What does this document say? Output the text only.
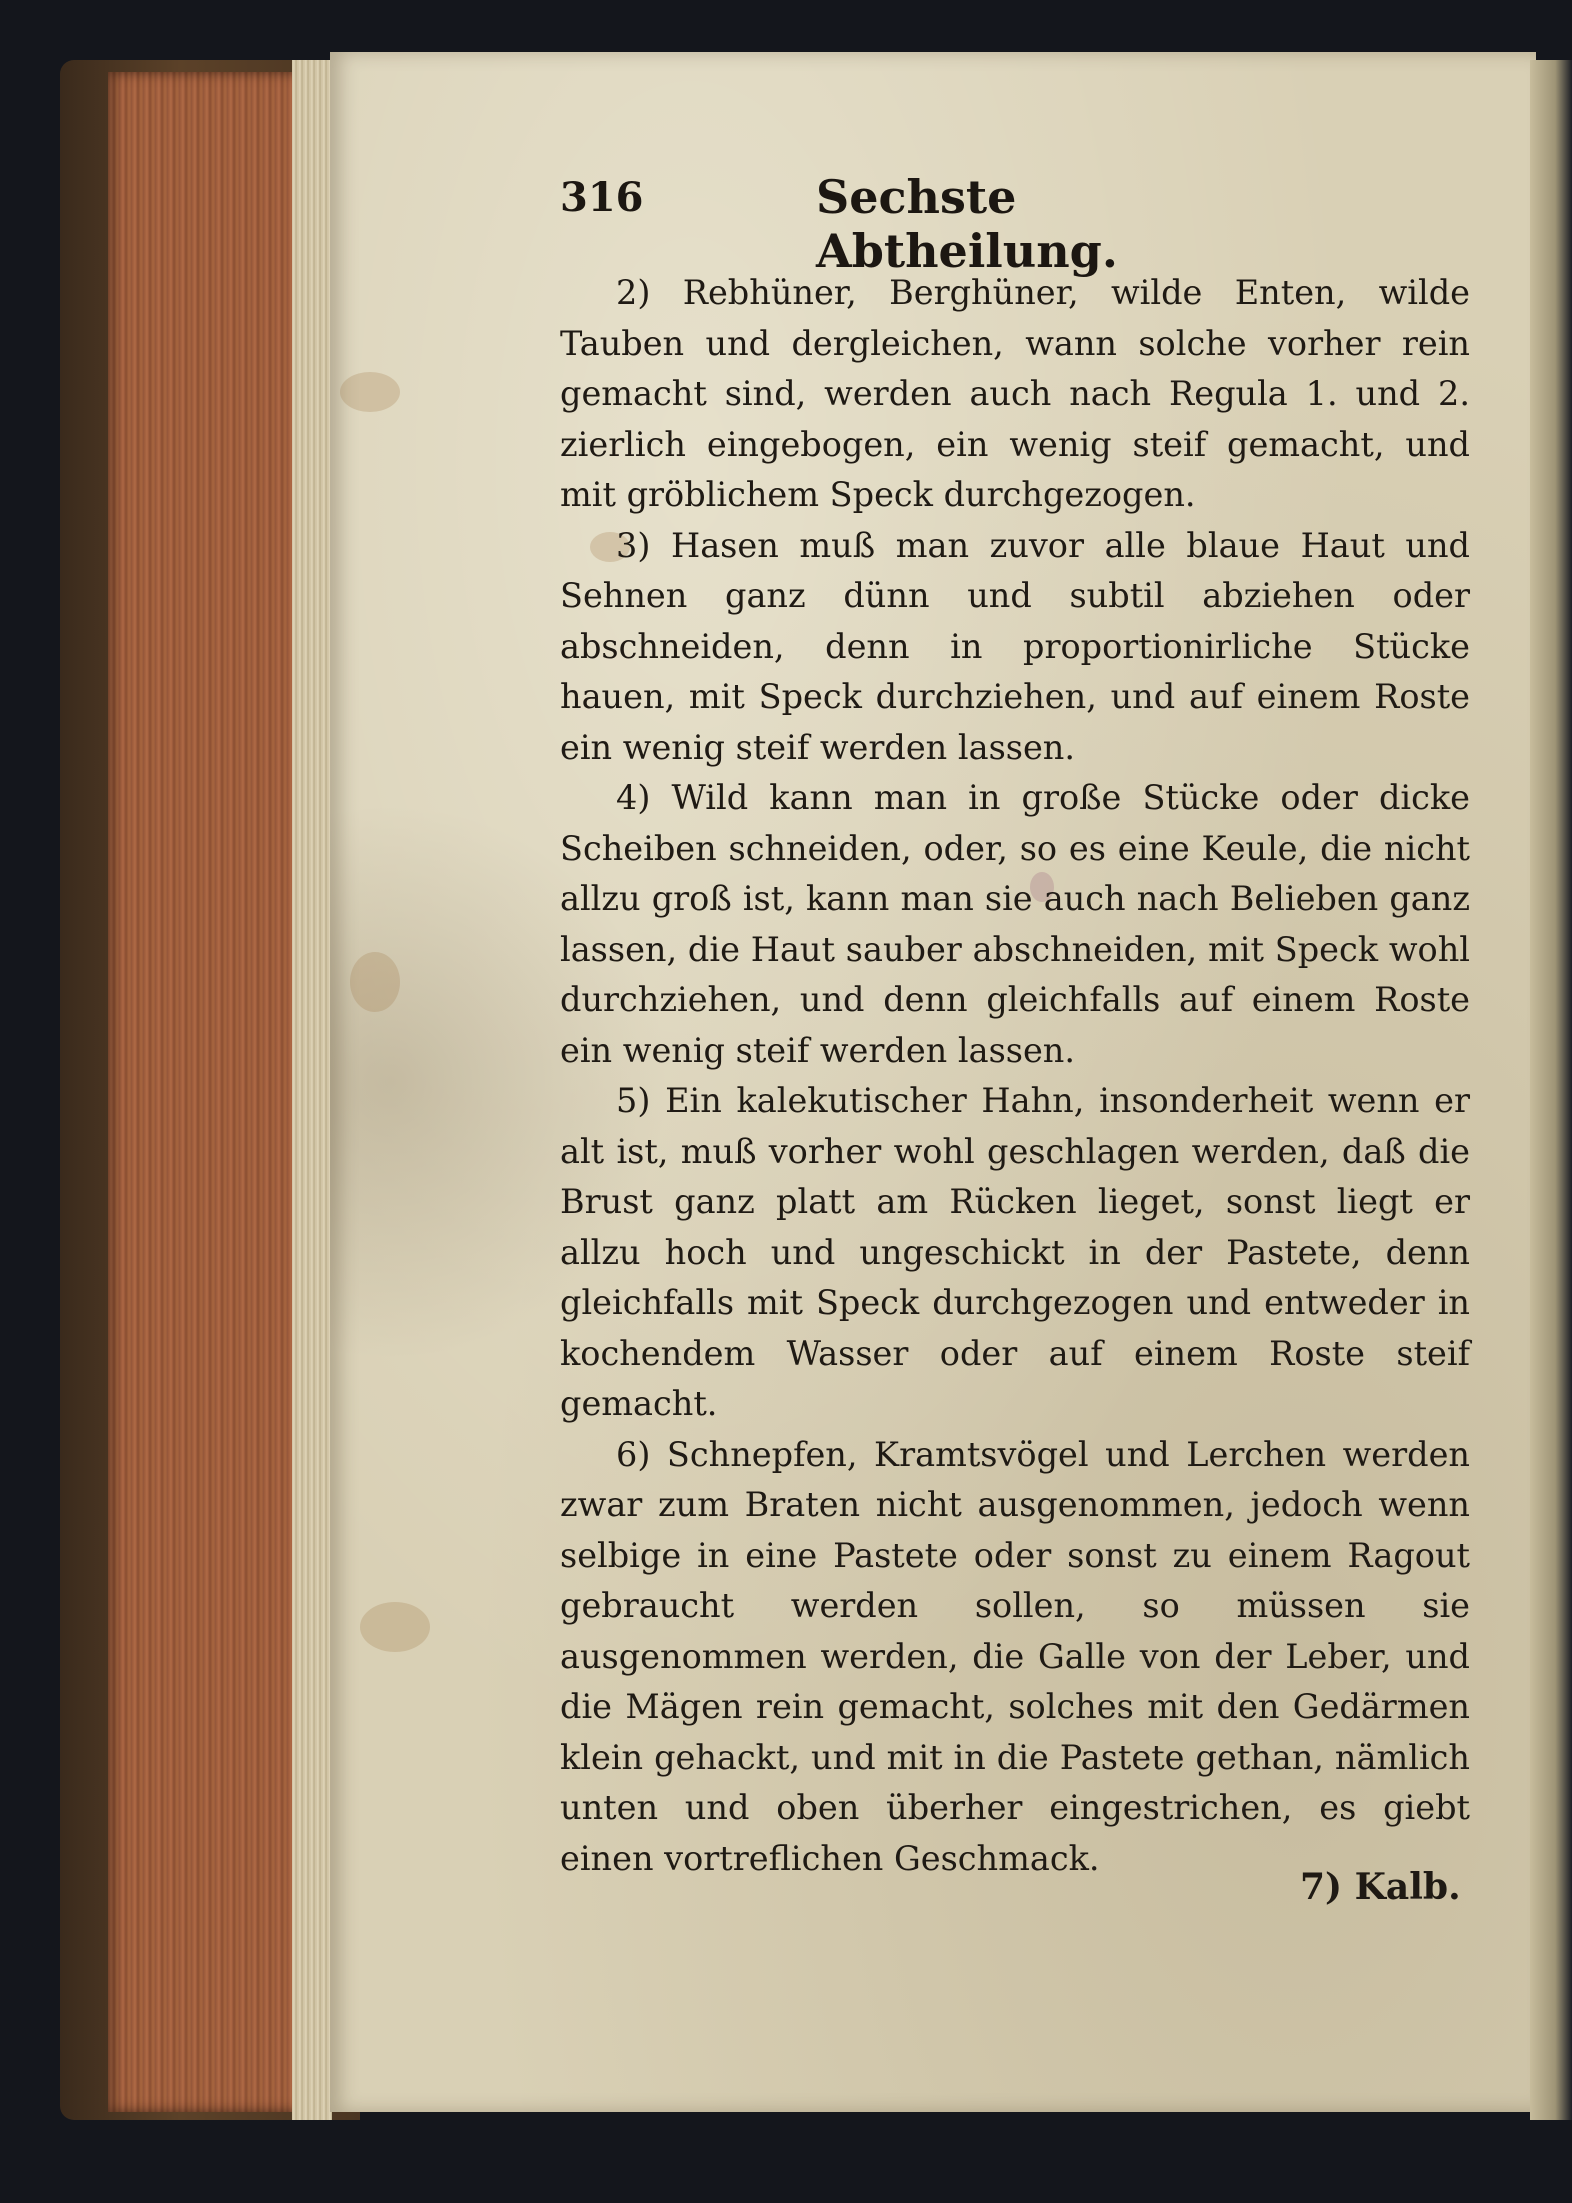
316	Sechste Abtheilung.

2) Rebhüner, Berghüner, wilde Enten, wilde Tauben und dergleichen, wann solche vorher rein gemacht sind, werden auch nach Regula 1. und 2. zierlich eingebogen, ein wenig steif gemacht, und mit gröblichem Speck durchgezogen.

3) Hasen muß man zuvor alle blaue Haut und Sehnen ganz dünn und subtil abziehen oder abschneiden, denn in proportionirliche Stücke hauen, mit Speck durchziehen, und auf einem Roste ein wenig steif werden lassen.

4) Wild kann man in große Stücke oder dicke Scheiben schneiden, oder, so es eine Keule, die nicht allzu groß ist, kann man sie auch nach Belieben ganz lassen, die Haut sauber abschneiden, mit Speck wohl durchziehen, und denn gleichfalls auf einem Roste ein wenig steif werden lassen.

5) Ein kalekutischer Hahn, insonderheit wenn er alt ist, muß vorher wohl geschlagen werden, daß die Brust ganz platt am Rücken lieget, sonst liegt er allzu hoch und ungeschickt in der Pastete, denn gleichfalls mit Speck durchgezogen und entweder in kochendem Wasser oder auf einem Roste steif gemacht.

6) Schnepfen, Kramtsvögel und Lerchen werden zwar zum Braten nicht ausgenommen, jedoch wenn selbige in eine Pastete oder sonst zu einem Ragout gebraucht werden sollen, so müssen sie ausgenommen werden, die Galle von der Leber, und die Mägen rein gemacht, solches mit den Gedärmen klein gehackt, und mit in die Pastete gethan, nämlich unten und oben überher eingestrichen, es giebt einen vortreflichen Geschmack.

7) Kalb.
